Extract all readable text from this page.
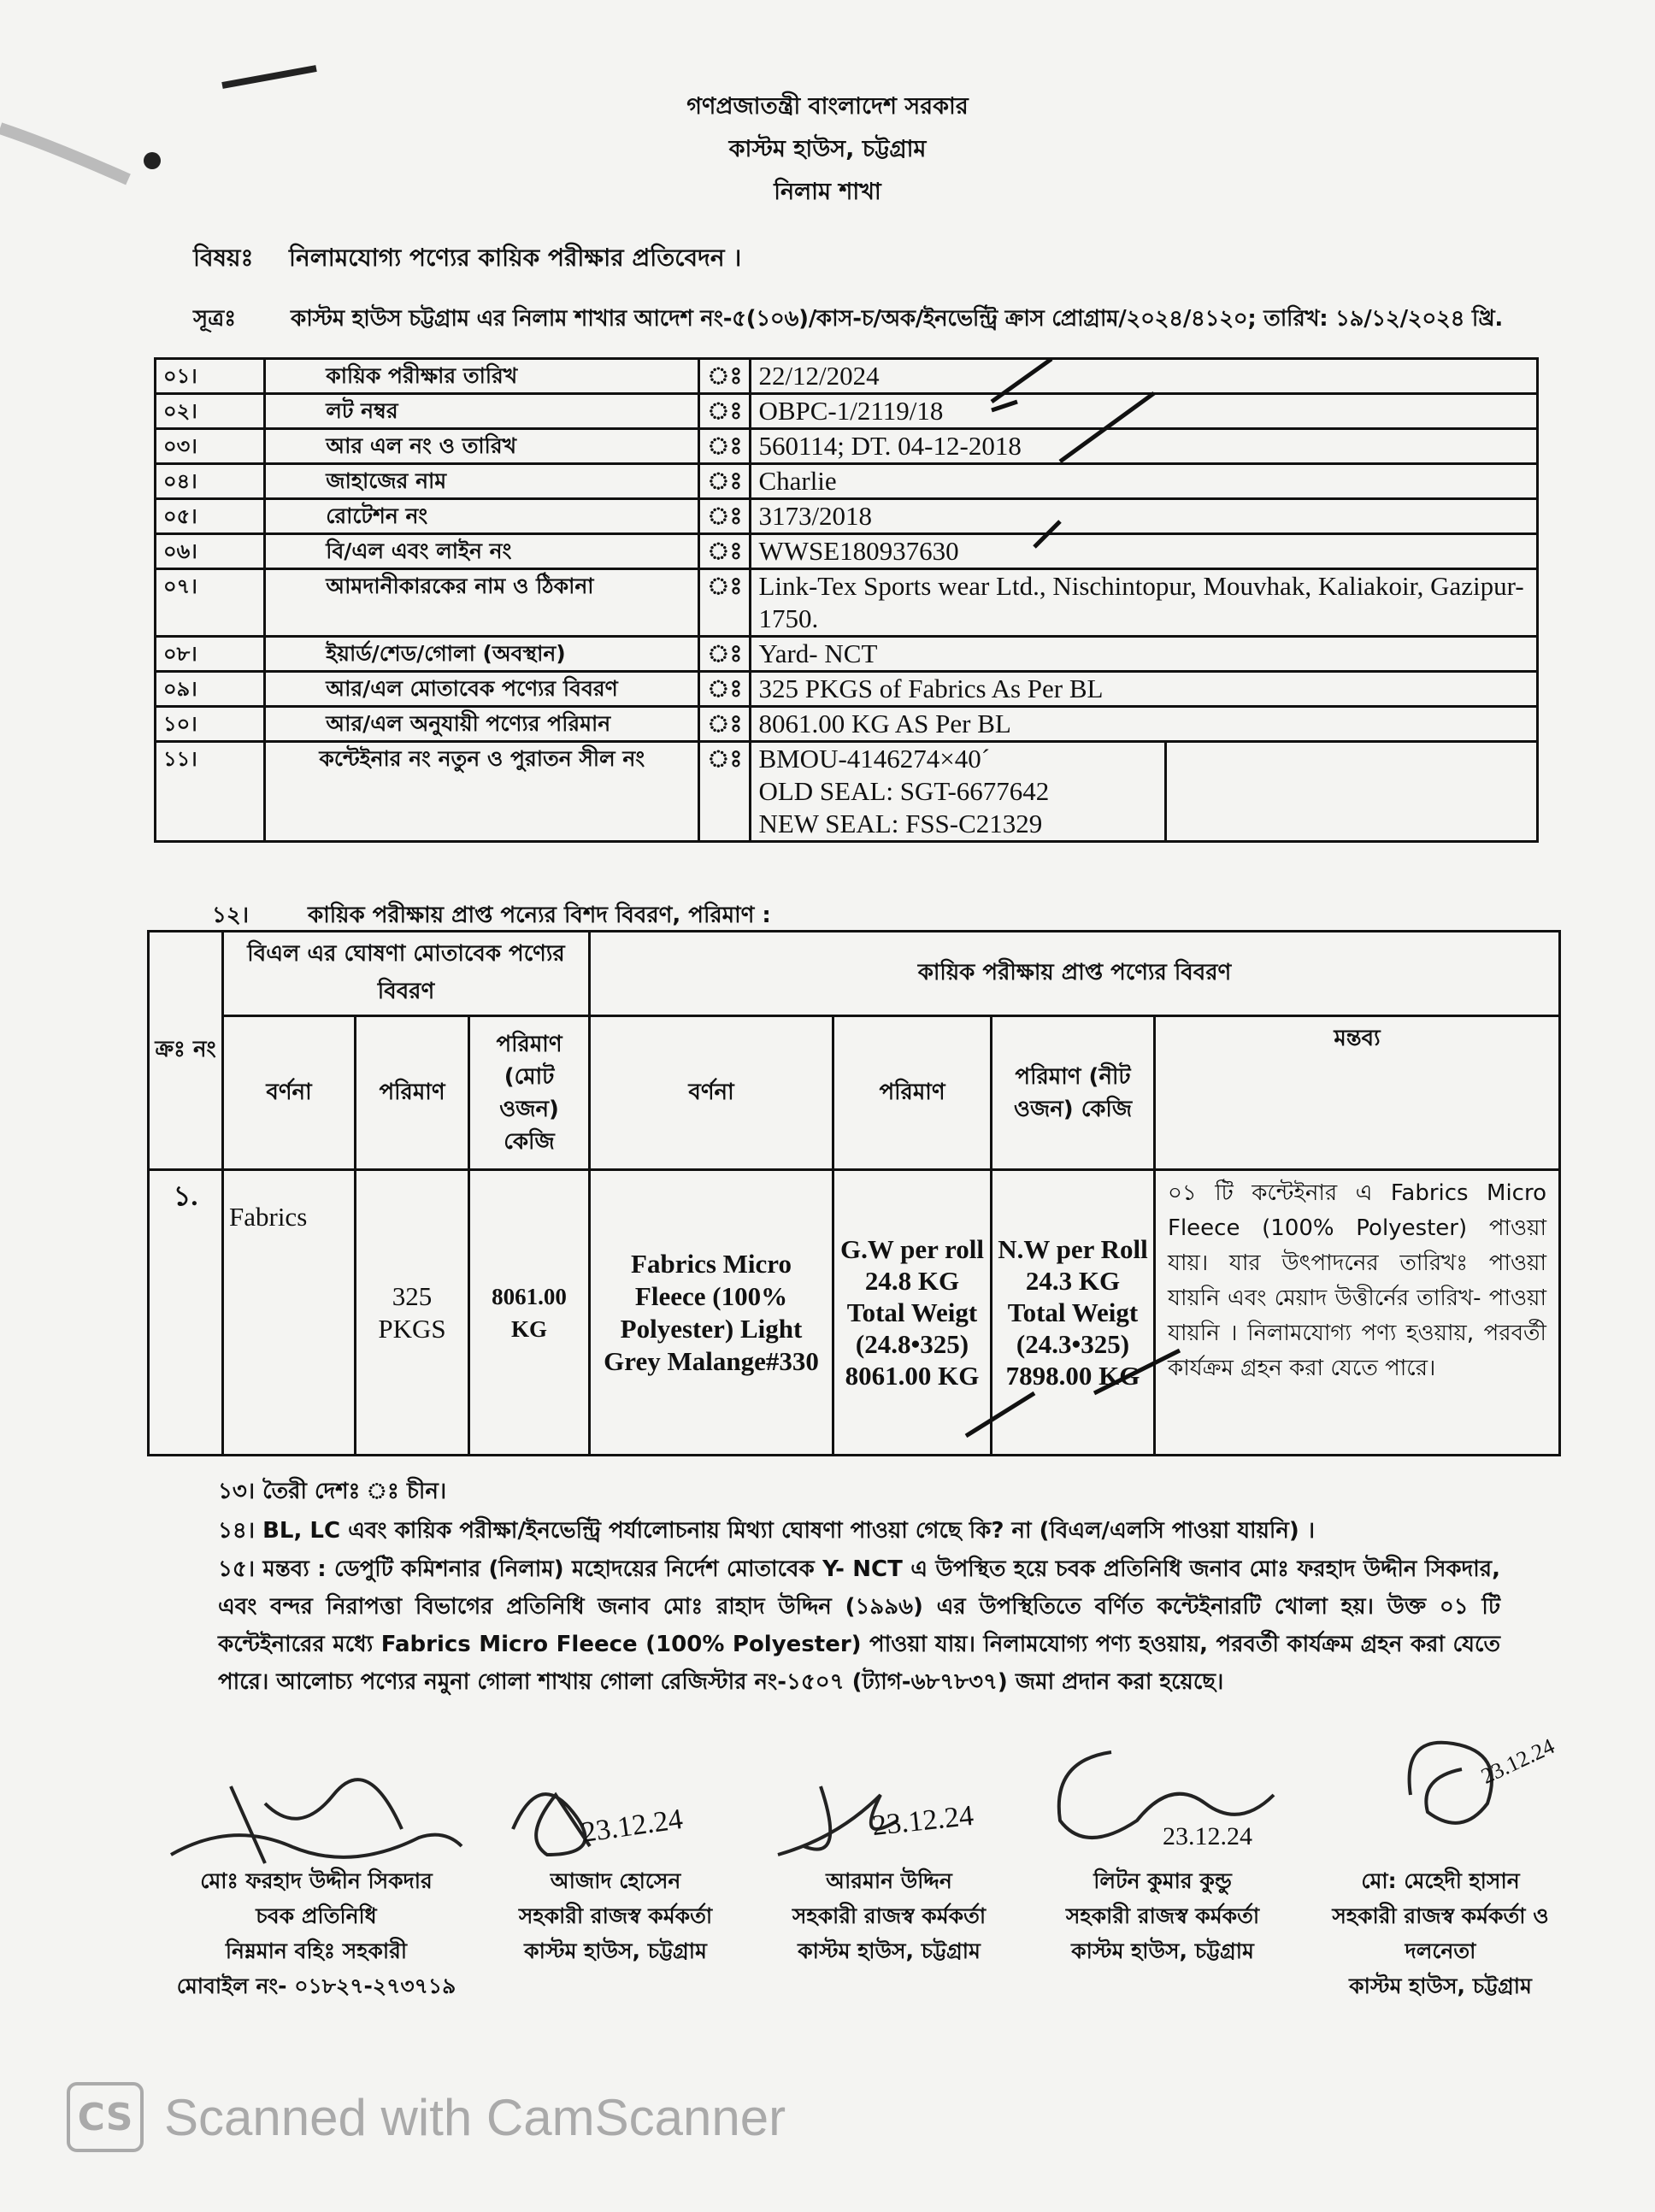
গণপ্রজাতন্ত্রী বাংলাদেশ সরকার
কাস্টম হাউস, চট্টগ্রাম
নিলাম শাখা
বিষয়ঃ নিলামযোগ্য পণ্যের কায়িক পরীক্ষার প্রতিবেদন ।
সূত্রঃ কাস্টম হাউস চট্টগ্রাম এর নিলাম শাখার আদেশ নং-৫(১০৬)/কাস-চ/অক/ইনভেন্ট্রি ক্রাস প্রোগ্রাম/২০২৪/৪১২০; তারিখ: ১৯/১২/২০২৪ খ্রি.
০১।	কায়িক পরীক্ষার তারিখ	ঃ	22/12/2024	
০২।	লট নম্বর	ঃ	OBPC-1/2119/18	
০৩।	আর এল নং ও তারিখ	ঃ	560114; DT. 04-12-2018	
০৪।	জাহাজের নাম	ঃ	Charlie	
০৫।	রোটেশন নং	ঃ	3173/2018	
০৬।	বি/এল এবং লাইন নং	ঃ	WWSE180937630	
০৭।	আমদানীকারকের নাম ও ঠিকানা	ঃ	Link-Tex Sports wear Ltd., Nischintopur, Mouvhak, Kaliakoir, Gazipur-1750.	
০৮।	ইয়ার্ড/শেড/গোলা (অবস্থান)	ঃ	Yard- NCT	
০৯।	আর/এল মোতাবেক পণ্যের বিবরণ	ঃ	325 PKGS of Fabrics As Per BL	
১০।	আর/এল অনুযায়ী পণ্যের পরিমান	ঃ	8061.00 KG AS Per BL	
১১।	কন্টেইনার নং নতুন ও পুরাতন সীল নং	ঃ	BMOU-4146274×40´
OLD SEAL: SGT-6677642
NEW SEAL: FSS-C21329	

১২।	কায়িক পরীক্ষায় প্রাপ্ত পন্যের বিশদ বিবরণ, পরিমাণ :
ক্রঃ নং	বিএল এর ঘোষণা মোতাবেক পণ্যের বিবরণ			কায়িক পরীক্ষায় প্রাপ্ত পণ্যের বিবরণ			
	বর্ণনা	পরিমাণ	পরিমাণ (মোট ওজন) কেজি	বর্ণনা	পরিমাণ	পরিমাণ (নীট ওজন) কেজি	মন্তব্য
১.	Fabrics	325 PKGS	8061.00 KG	Fabrics Micro Fleece (100% Polyester) Light Grey Malange#330	G.W per roll 24.8 KG Total Weigt (24.8•325) 8061.00 KG	N.W per Roll 24.3 KG Total Weigt (24.3•325) 7898.00 KG	০১ টি কন্টেইনার এ Fabrics Micro Fleece (100% Polyester) পাওয়া যায়। যার উৎপাদনের তারিখঃ পাওয়া যায়নি এবং মেয়াদ উত্তীর্নের তারিখ- পাওয়া যায়নি । নিলামযোগ্য পণ্য হওয়ায়, পরবর্তী কার্যক্রম গ্রহন করা যেতে পারে।
১৩। তৈরী দেশঃ ঃ চীন।
১৪। BL, LC এবং কায়িক পরীক্ষা/ইনভেন্ট্রি পর্যালোচনায় মিথ্যা ঘোষণা পাওয়া গেছে কি? না (বিএল/এলসি পাওয়া যায়নি) ।
১৫। মন্তব্য : ডেপুটি কমিশনার (নিলাম) মহোদয়ের নির্দেশ মোতাবেক Y- NCT এ উপস্থিত হয়ে চবক প্রতিনিধি জনাব মোঃ ফরহাদ উদ্দীন সিকদার, এবং বন্দর নিরাপত্তা বিভাগের প্রতিনিধি জনাব মোঃ রাহাদ উদ্দিন (১৯৯৬) এর উপস্থিতিতে বর্ণিত কন্টেইনারটি খোলা হয়। উক্ত ০১ টি কন্টেইনারের মধ্যে Fabrics Micro Fleece (100% Polyester) পাওয়া যায়। নিলামযোগ্য পণ্য হওয়ায়, পরবর্তী কার্যক্রম গ্রহন করা যেতে পারে। আলোচ্য পণ্যের নমুনা গোলা শাখায় গোলা রেজিস্টার নং-১৫০৭ (ট্যাগ-৬৮৭৮৩৭) জমা প্রদান করা হয়েছে।
মোঃ ফরহাদ উদ্দীন সিকদার
চবক প্রতিনিধি
নিম্নমান বহিঃ সহকারী
মোবাইল নং- ০১৮২৭-২৭৩৭১৯
23.12.24
আজাদ হোসেন
সহকারী রাজস্ব কর্মকর্তা
কাস্টম হাউস, চট্টগ্রাম
23.12.24
আরমান উদ্দিন
সহকারী রাজস্ব কর্মকর্তা
কাস্টম হাউস, চট্টগ্রাম
23.12.24
লিটন কুমার কুন্ডু
সহকারী রাজস্ব কর্মকর্তা
কাস্টম হাউস, চট্টগ্রাম
23.12.24
মো: মেহেদী হাসান
সহকারী রাজস্ব কর্মকর্তা ও দলনেতা
কাস্টম হাউস, চট্টগ্রাম
CS Scanned with CamScanner
